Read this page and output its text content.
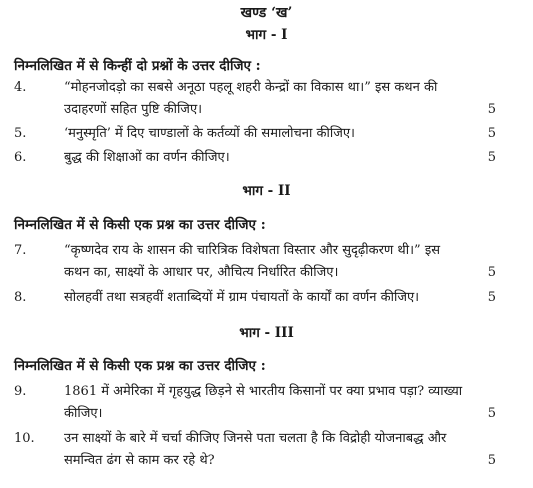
खण्ड ‘ख’
भाग - I
निम्नलिखित में से किन्हीं दो प्रश्नों के उत्तर दीजिए :
4.	“मोहनजोदड़ो का सबसे अनूठा पहलू शहरी केन्द्रों का विकास था।” इस कथन की
उदाहरणों सहित पुष्टि कीजिए।	5
5.	‘मनुस्मृति’ में दिए चाण्डालों के कर्तव्यों की समालोचना कीजिए।	5
6.	बुद्ध की शिक्षाओं का वर्णन कीजिए।	5
भाग - II
निम्नलिखित में से किसी एक प्रश्न का उत्तर दीजिए :
7.	“कृष्णदेव राय के शासन की चारित्रिक विशेषता विस्तार और सुदृढ़ीकरण थी।” इस
कथन का, साक्ष्यों के आधार पर, औचित्य निर्धारित कीजिए।	5
8.	सोलहवीं तथा सत्रहवीं शताब्दियों में ग्राम पंचायतों के कार्यों का वर्णन कीजिए।	5
भाग - III
निम्नलिखित में से किसी एक प्रश्न का उत्तर दीजिए :
9.	1861 में अमेरिका में गृहयुद्ध छिड़ने से भारतीय किसानों पर क्या प्रभाव पड़ा? व्याख्या
कीजिए।	5
10.	उन साक्ष्यों के बारे में चर्चा कीजिए जिनसे पता चलता है कि विद्रोही योजनाबद्ध और
समन्वित ढंग से काम कर रहे थे?	5
